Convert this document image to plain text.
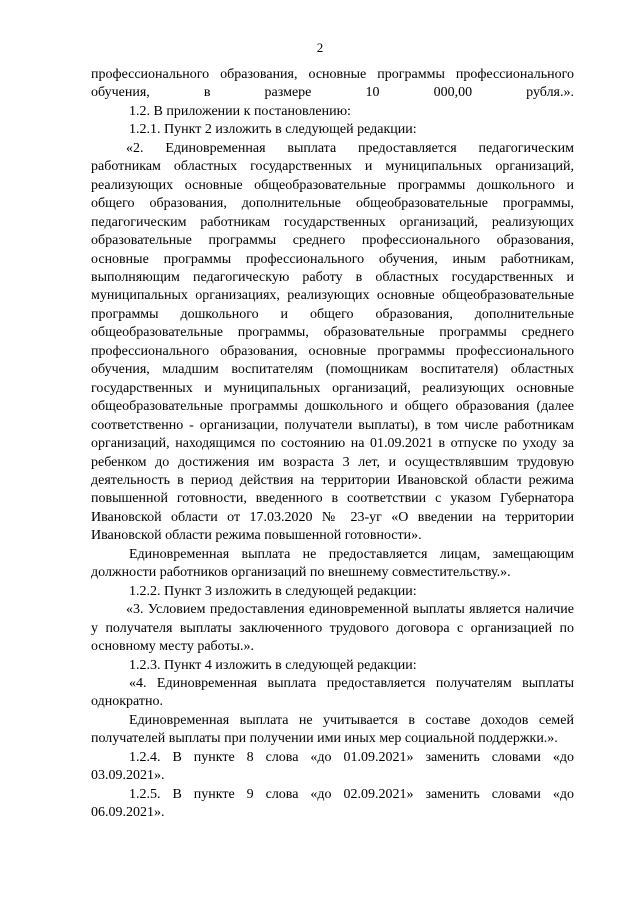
2

профессионального образования, основные программы профессионального обучения, в размере 10 000,00 рубля.».

1.2. В приложении к постановлению:

1.2.1. Пункт 2 изложить в следующей редакции:

«2. Единовременная выплата предоставляется педагогическим работникам областных государственных и муниципальных организаций, реализующих основные общеобразовательные программы дошкольного и общего образования, дополнительные общеобразовательные программы, педагогическим работникам государственных организаций, реализующих образовательные программы среднего профессионального образования, основные программы профессионального обучения, иным работникам, выполняющим педагогическую работу в областных государственных и муниципальных организациях, реализующих основные общеобразовательные программы дошкольного и общего образования, дополнительные общеобразовательные программы, образовательные программы среднего профессионального образования, основные программы профессионального обучения, младшим воспитателям (помощникам воспитателя) областных государственных и муниципальных организаций, реализующих основные общеобразовательные программы дошкольного и общего образования (далее соответственно - организации, получатели выплаты), в том числе работникам организаций, находящимся по состоянию на 01.09.2021 в отпуске по уходу за ребенком до достижения им возраста 3 лет, и осуществлявшим трудовую деятельность в период действия на территории Ивановской области режима повышенной готовности, введенного в соответствии с указом Губернатора Ивановской области от 17.03.2020 № 23-уг «О введении на территории Ивановской области режима повышенной готовности».

Единовременная выплата не предоставляется лицам, замещающим должности работников организаций по внешнему совместительству.».

1.2.2. Пункт 3 изложить в следующей редакции:

«3. Условием предоставления единовременной выплаты является наличие у получателя выплаты заключенного трудового договора с организацией по основному месту работы.».

1.2.3. Пункт 4 изложить в следующей редакции:

«4. Единовременная выплата предоставляется получателям выплаты однократно.

Единовременная выплата не учитывается в составе доходов семей получателей выплаты при получении ими иных мер социальной поддержки.».

1.2.4. В пункте 8 слова «до 01.09.2021» заменить словами «до 03.09.2021».

1.2.5. В пункте 9 слова «до 02.09.2021» заменить словами «до 06.09.2021».
